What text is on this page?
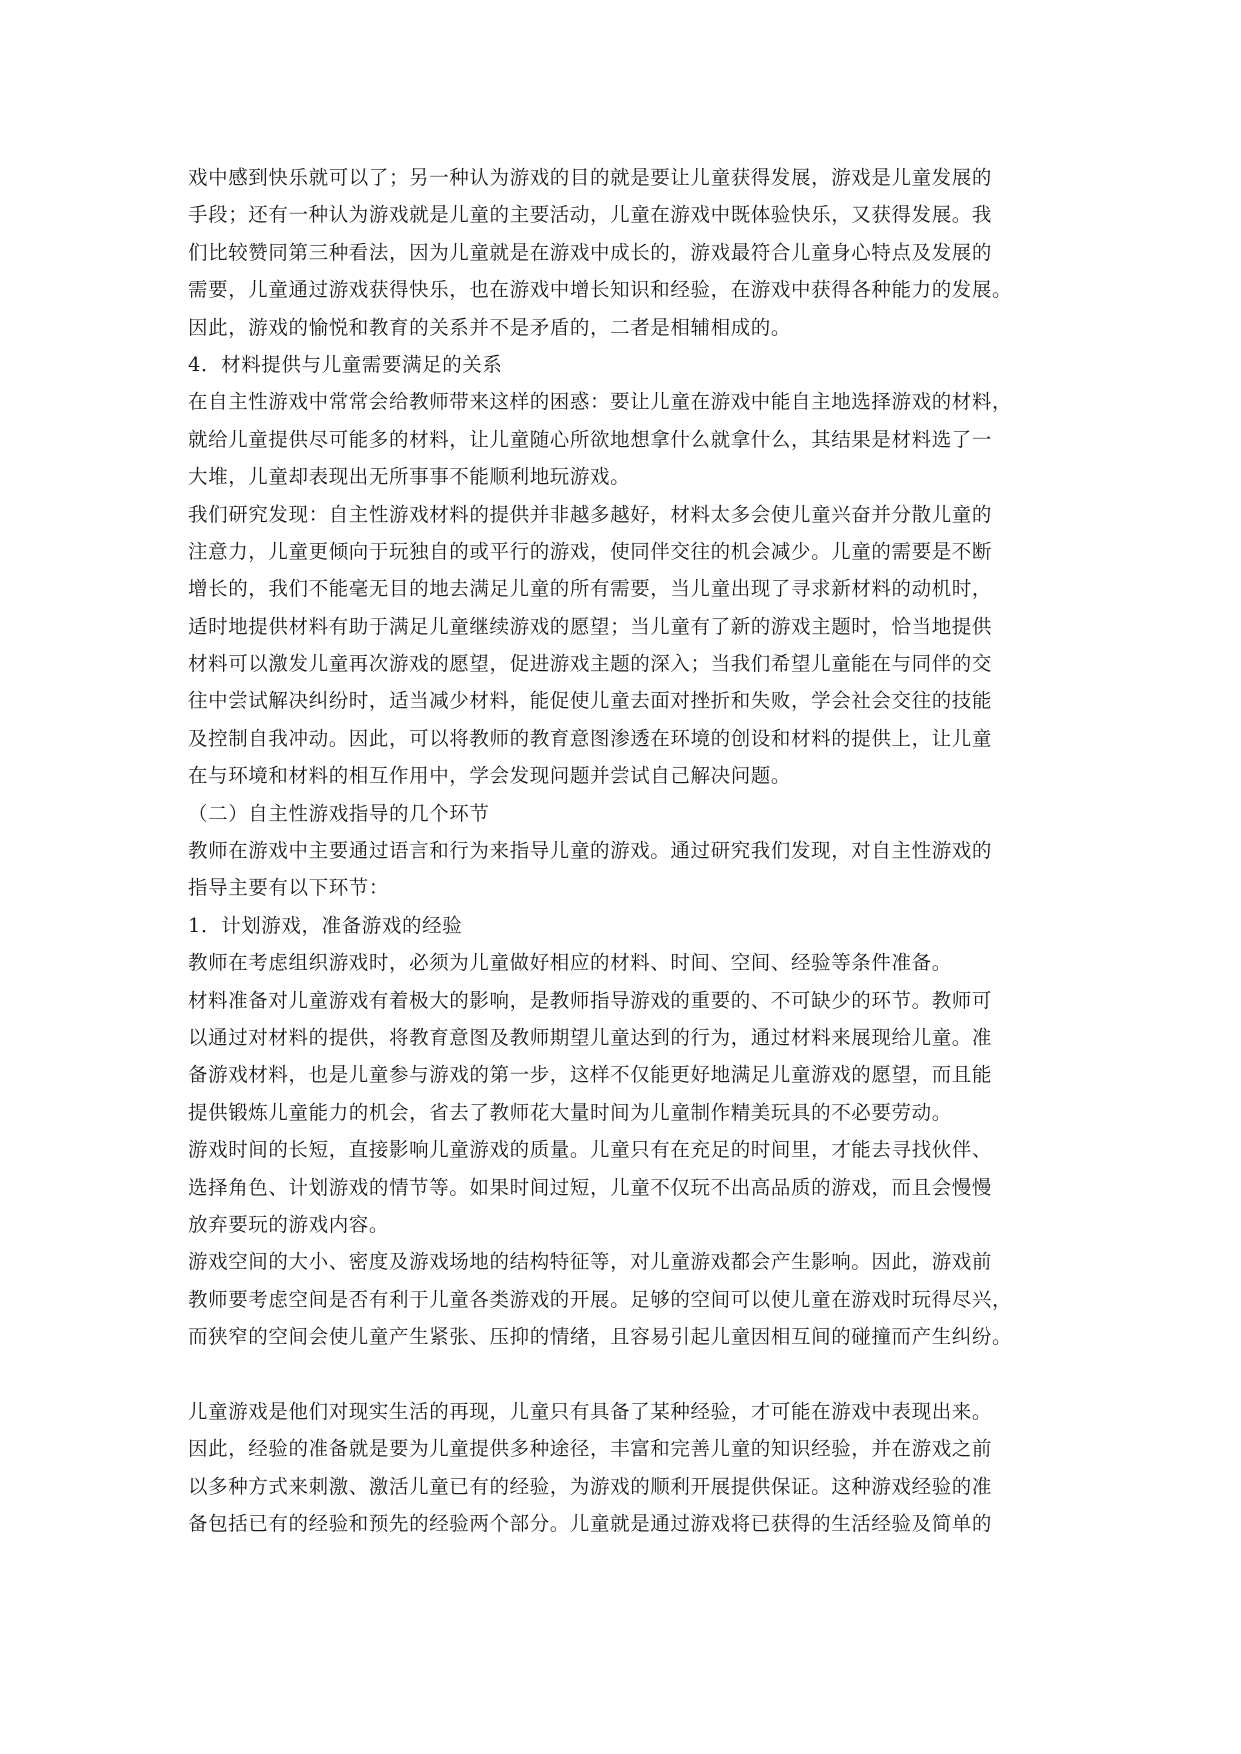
戏中感到快乐就可以了；另一种认为游戏的目的就是要让儿童获得发展，游戏是儿童发展的
手段；还有一种认为游戏就是儿童的主要活动，儿童在游戏中既体验快乐，又获得发展。我
们比较赞同第三种看法，因为儿童就是在游戏中成长的，游戏最符合儿童身心特点及发展的
需要，儿童通过游戏获得快乐，也在游戏中增长知识和经验，在游戏中获得各种能力的发展。
因此，游戏的愉悦和教育的关系并不是矛盾的，二者是相辅相成的。
4．材料提供与儿童需要满足的关系
在自主性游戏中常常会给教师带来这样的困惑：要让儿童在游戏中能自主地选择游戏的材料，
就给儿童提供尽可能多的材料，让儿童随心所欲地想拿什么就拿什么，其结果是材料选了一
大堆，儿童却表现出无所事事不能顺利地玩游戏。
我们研究发现：自主性游戏材料的提供并非越多越好，材料太多会使儿童兴奋并分散儿童的
注意力，儿童更倾向于玩独自的或平行的游戏，使同伴交往的机会减少。儿童的需要是不断
增长的，我们不能毫无目的地去满足儿童的所有需要，当儿童出现了寻求新材料的动机时，
适时地提供材料有助于满足儿童继续游戏的愿望；当儿童有了新的游戏主题时，恰当地提供
材料可以激发儿童再次游戏的愿望，促进游戏主题的深入；当我们希望儿童能在与同伴的交
往中尝试解决纠纷时，适当减少材料，能促使儿童去面对挫折和失败，学会社会交往的技能
及控制自我冲动。因此，可以将教师的教育意图渗透在环境的创设和材料的提供上，让儿童
在与环境和材料的相互作用中，学会发现问题并尝试自己解决问题。
（二）自主性游戏指导的几个环节
教师在游戏中主要通过语言和行为来指导儿童的游戏。通过研究我们发现，对自主性游戏的
指导主要有以下环节：
1．计划游戏，准备游戏的经验
教师在考虑组织游戏时，必须为儿童做好相应的材料、时间、空间、经验等条件准备。
材料准备对儿童游戏有着极大的影响，是教师指导游戏的重要的、不可缺少的环节。教师可
以通过对材料的提供，将教育意图及教师期望儿童达到的行为，通过材料来展现给儿童。准
备游戏材料，也是儿童参与游戏的第一步，这样不仅能更好地满足儿童游戏的愿望，而且能
提供锻炼儿童能力的机会，省去了教师花大量时间为儿童制作精美玩具的不必要劳动。
游戏时间的长短，直接影响儿童游戏的质量。儿童只有在充足的时间里，才能去寻找伙伴、
选择角色、计划游戏的情节等。如果时间过短，儿童不仅玩不出高品质的游戏，而且会慢慢
放弃要玩的游戏内容。
游戏空间的大小、密度及游戏场地的结构特征等，对儿童游戏都会产生影响。因此，游戏前
教师要考虑空间是否有利于儿童各类游戏的开展。足够的空间可以使儿童在游戏时玩得尽兴，
而狭窄的空间会使儿童产生紧张、压抑的情绪，且容易引起儿童因相互间的碰撞而产生纠纷。
儿童游戏是他们对现实生活的再现，儿童只有具备了某种经验，才可能在游戏中表现出来。
因此，经验的准备就是要为儿童提供多种途径，丰富和完善儿童的知识经验，并在游戏之前
以多种方式来刺激、激活儿童已有的经验，为游戏的顺利开展提供保证。这种游戏经验的准
备包括已有的经验和预先的经验两个部分。儿童就是通过游戏将已获得的生活经验及简单的
